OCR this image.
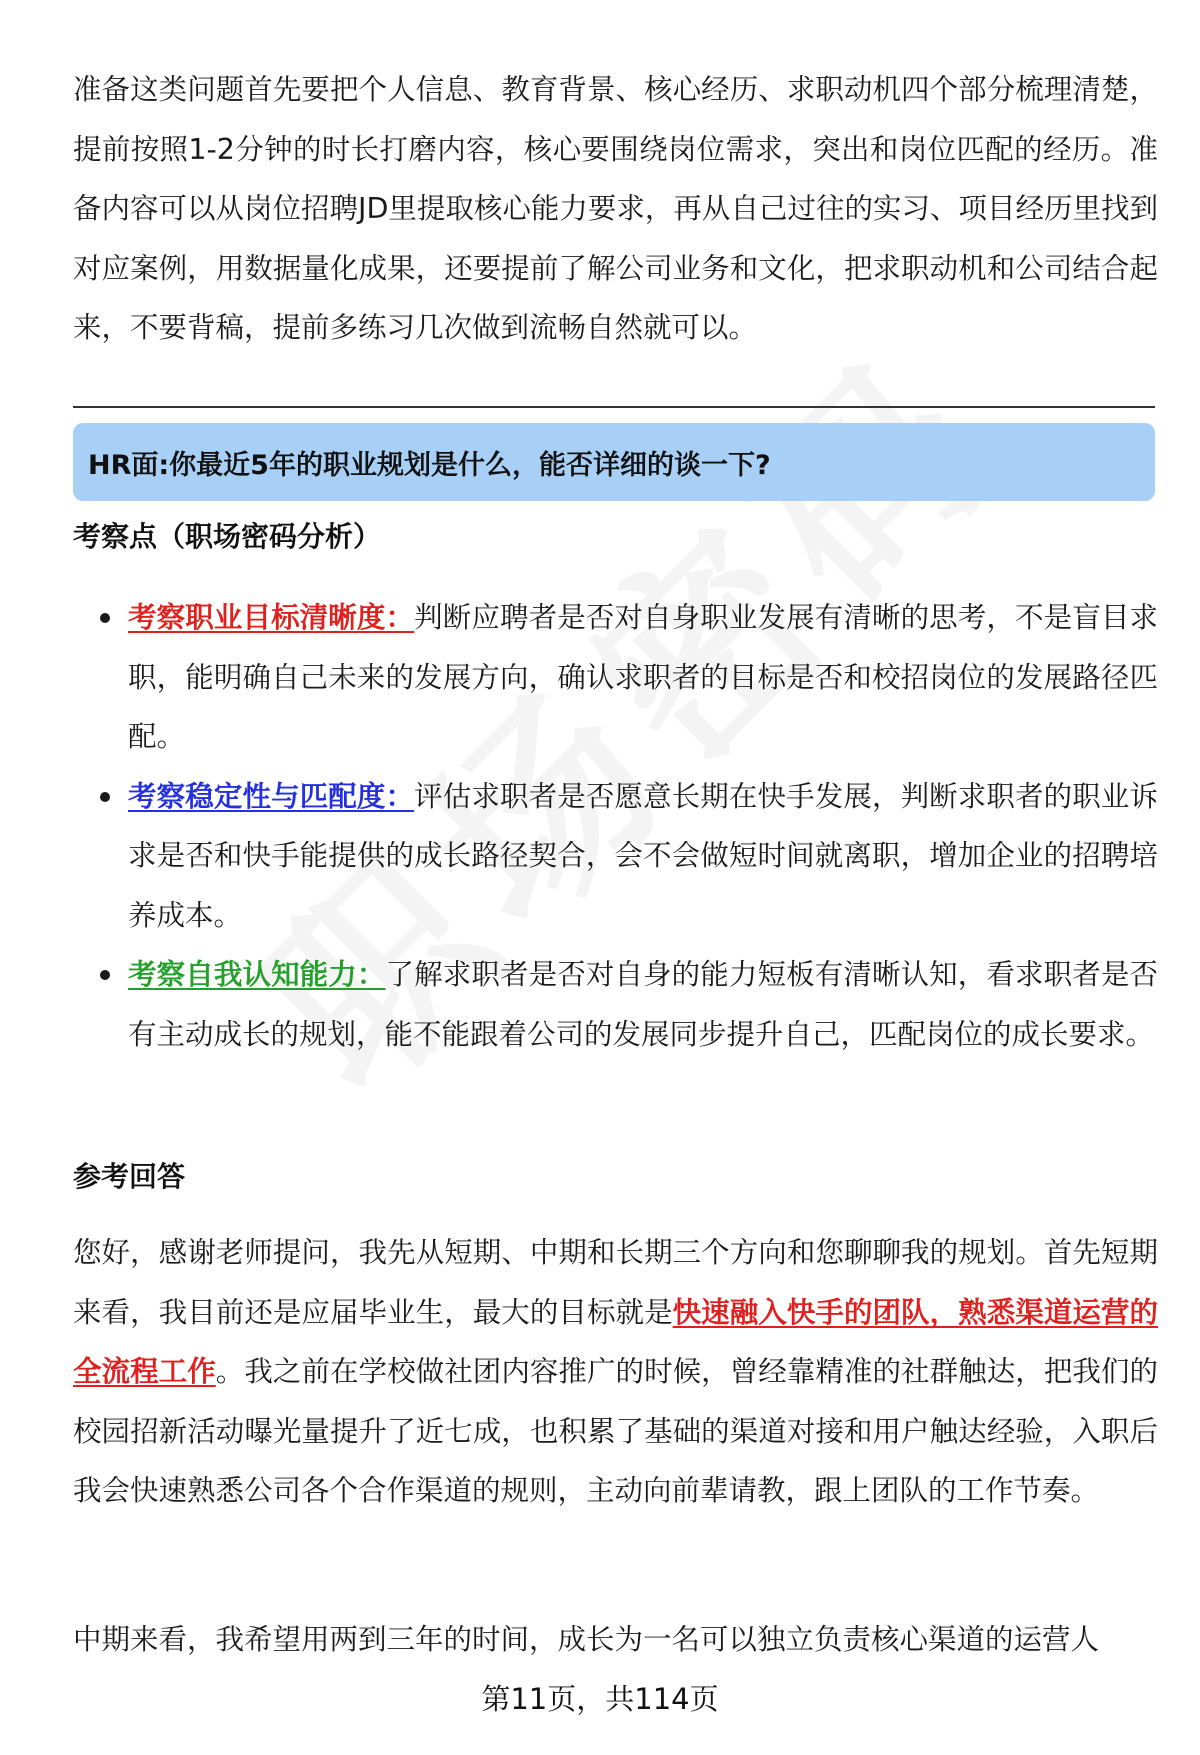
准备这类问题首先要把个人信息、教育背景、核心经历、求职动机四个部分梳理清楚，提前按照1-2分钟的时长打磨内容，核心要围绕岗位需求，突出和岗位匹配的经历。准备内容可以从岗位招聘JD里提取核心能力要求，再从自己过往的实习、项目经历里找到对应案例，用数据量化成果，还要提前了解公司业务和文化，把求职动机和公司结合起来，不要背稿，提前多练习几次做到流畅自然就可以。

HR面:你最近5年的职业规划是什么，能否详细的谈一下?
考察点（职场密码分析）
考察职业目标清晰度：判断应聘者是否对自身职业发展有清晰的思考，不是盲目求职，能明确自己未来的发展方向，确认求职者的目标是否和校招岗位的发展路径匹配。
考察稳定性与匹配度：评估求职者是否愿意长期在快手发展，判断求职者的职业诉求是否和快手能提供的成长路径契合，会不会做短时间就离职，增加企业的招聘培养成本。
考察自我认知能力：了解求职者是否对自身的能力短板有清晰认知，看求职者是否有主动成长的规划，能不能跟着公司的发展同步提升自己，匹配岗位的成长要求。
参考回答

您好，感谢老师提问，我先从短期、中期和长期三个方向和您聊聊我的规划。首先短期来看，我目前还是应届毕业生，最大的目标就是快速融入快手的团队，熟悉渠道运营的全流程工作。我之前在学校做社团内容推广的时候，曾经靠精准的社群触达，把我们的校园招新活动曝光量提升了近七成，也积累了基础的渠道对接和用户触达经验，入职后我会快速熟悉公司各个合作渠道的规则，主动向前辈请教，跟上团队的工作节奏。

中期来看，我希望用两到三年的时间，成长为一名可以独立负责核心渠道的运营人

第11页，共114页
